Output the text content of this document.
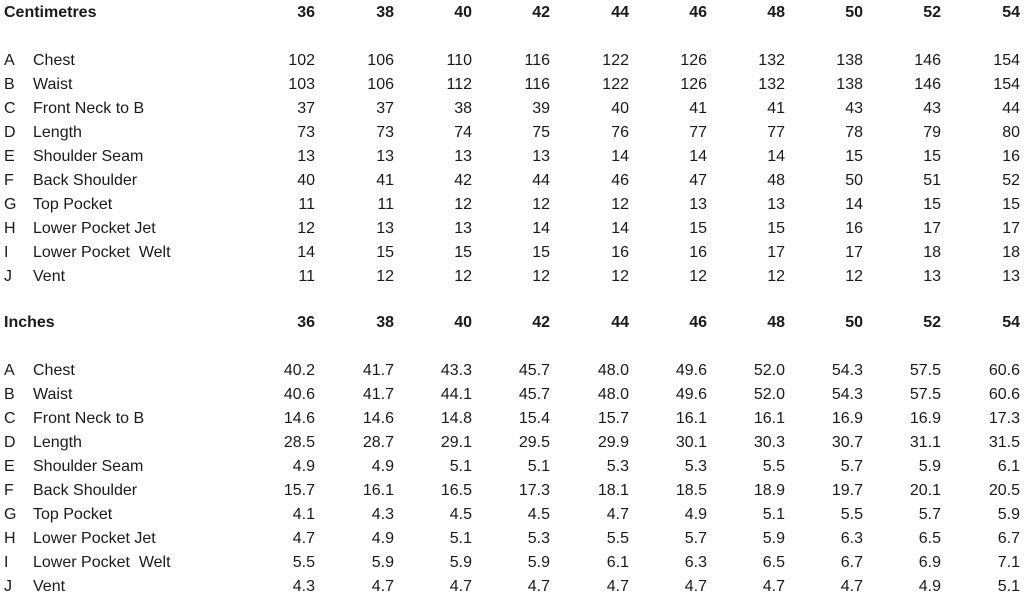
Centimetres	36	38	40	42	44	46	48	50	52	54
A Chest	102	106	110	116	122	126	132	138	146	154
B Waist	103	106	112	116	122	126	132	138	146	154
C Front Neck to B	37	37	38	39	40	41	41	43	43	44
D Length	73	73	74	75	76	77	77	78	79	80
E Shoulder Seam	13	13	13	13	14	14	14	15	15	16
F Back Shoulder	40	41	42	44	46	47	48	50	51	52
G Top Pocket	11	11	12	12	12	13	13	14	15	15
H Lower Pocket Jet	12	13	13	14	14	15	15	16	17	17
I Lower Pocket  Welt	14	15	15	15	16	16	17	17	18	18
J Vent	11	12	12	12	12	12	12	12	13	13
Inches	36	38	40	42	44	46	48	50	52	54
A Chest	40.2	41.7	43.3	45.7	48.0	49.6	52.0	54.3	57.5	60.6
B Waist	40.6	41.7	44.1	45.7	48.0	49.6	52.0	54.3	57.5	60.6
C Front Neck to B	14.6	14.6	14.8	15.4	15.7	16.1	16.1	16.9	16.9	17.3
D Length	28.5	28.7	29.1	29.5	29.9	30.1	30.3	30.7	31.1	31.5
E Shoulder Seam	4.9	4.9	5.1	5.1	5.3	5.3	5.5	5.7	5.9	6.1
F Back Shoulder	15.7	16.1	16.5	17.3	18.1	18.5	18.9	19.7	20.1	20.5
G Top Pocket	4.1	4.3	4.5	4.5	4.7	4.9	5.1	5.5	5.7	5.9
H Lower Pocket Jet	4.7	4.9	5.1	5.3	5.5	5.7	5.9	6.3	6.5	6.7
I Lower Pocket  Welt	5.5	5.9	5.9	5.9	6.1	6.3	6.5	6.7	6.9	7.1
J Vent	4.3	4.7	4.7	4.7	4.7	4.7	4.7	4.7	4.9	5.1
